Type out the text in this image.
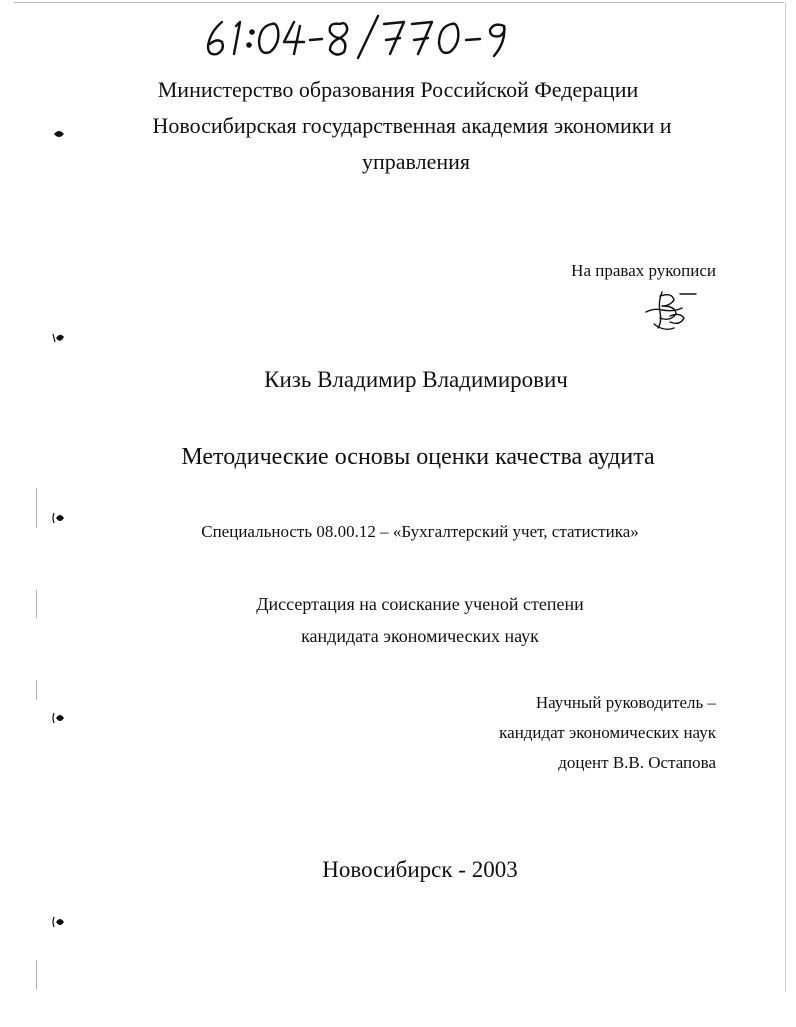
Министерство образования Российской Федерации
Новосибирская государственная академия экономики и
управления
На правах рукописи
Кизь Владимир Владимирович
Методические основы оценки качества аудита
Специальность 08.00.12 – «Бухгалтерский учет, статистика»
Диссертация на соискание ученой степени
кандидата экономических наук
Научный руководитель –
кандидат экономических наук
доцент В.В. Остапова
Новосибирск - 2003
